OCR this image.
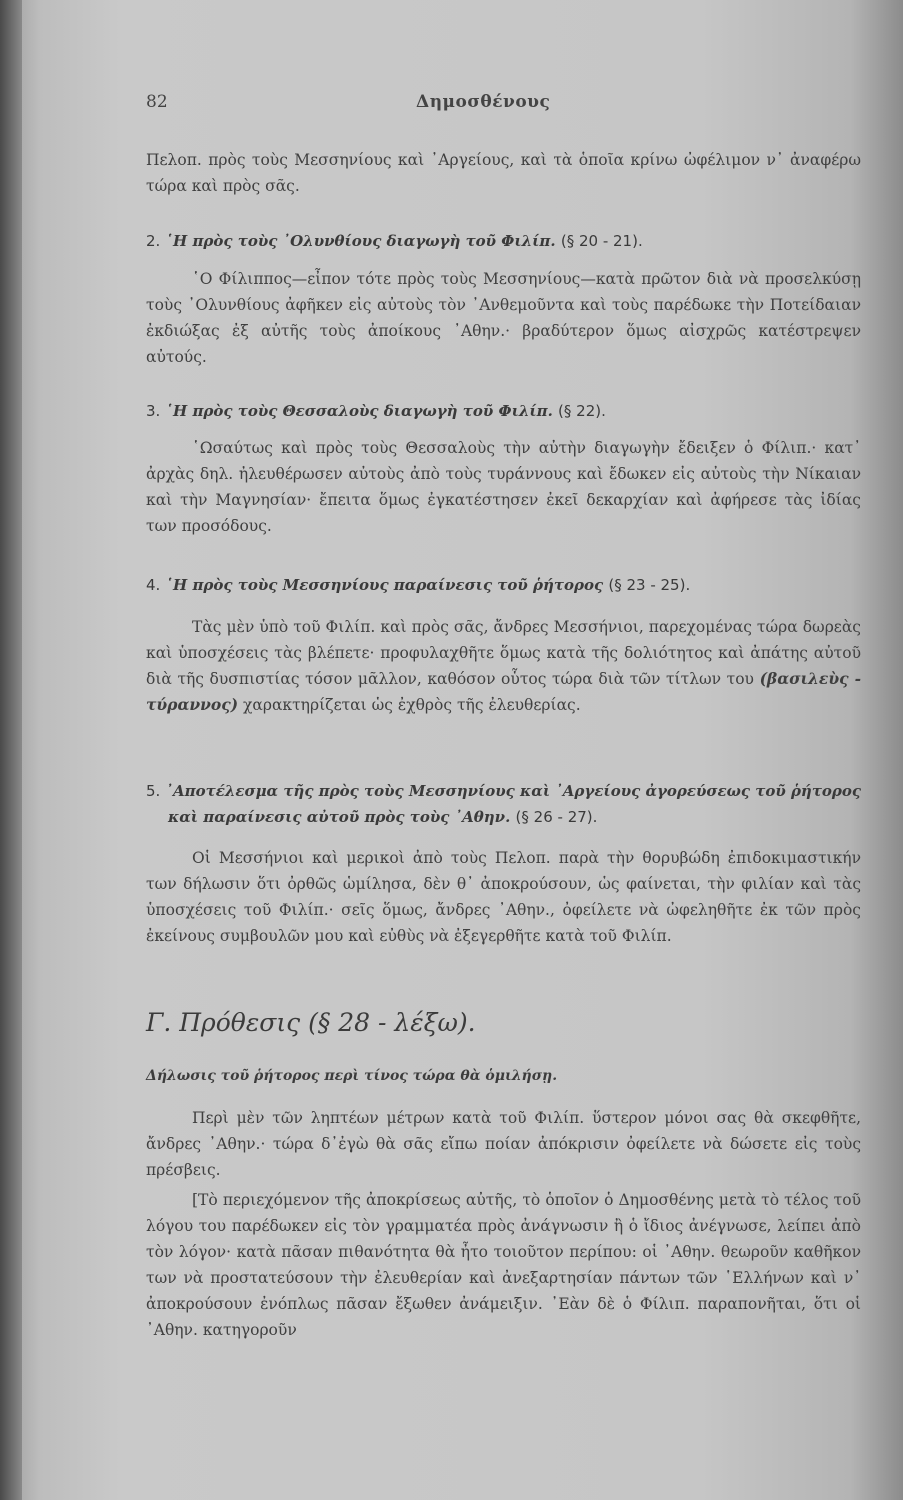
82	Δημοσθένους

Πελοπ. πρὸς τοὺς Μεσσηνίους καὶ ᾽Αργείους, καὶ τὰ ὁποῖα κρίνω ὠφέλιμον ν᾽ ἀναφέρω τώρα καὶ πρὸς σᾶς.

2. ῾Η πρὸς τοὺς ᾽Ολυνθίους διαγωγὴ τοῦ Φιλίπ. (§ 20 - 21).

῾Ο Φίλιππος—εἶπον τότε πρὸς τοὺς Μεσσηνίους—κατὰ πρῶτον διὰ νὰ προσελκύσῃ τοὺς ᾽Ολυνθίους ἀφῆκεν εἰς αὐτοὺς τὸν ᾽Ανθεμοῦντα καὶ τοὺς παρέδωκε τὴν Ποτείδαιαν ἐκδιώξας ἐξ αὐτῆς τοὺς ἀποίκους ᾽Αθην.· βραδύτερον ὅμως αἰσχρῶς κατέστρεψεν αὐτούς.

3. ῾Η πρὸς τοὺς Θεσσαλοὺς διαγωγὴ τοῦ Φιλίπ. (§ 22).

῾Ωσαύτως καὶ πρὸς τοὺς Θεσσαλοὺς τὴν αὐτὴν διαγωγὴν ἔδειξεν ὁ Φίλιπ.· κατ᾽ ἀρχὰς δηλ. ἠλευθέρωσεν αὐτοὺς ἀπὸ τοὺς τυράννους καὶ ἔδωκεν εἰς αὐτοὺς τὴν Νίκαιαν καὶ τὴν Μαγνησίαν· ἔπειτα ὅμως ἐγκατέστησεν ἐκεῖ δεκαρχίαν καὶ ἀφήρεσε τὰς ἰδίας των προσόδους.

4. ῾Η πρὸς τοὺς Μεσσηνίους παραίνεσις τοῦ ῥήτορος (§ 23 - 25).

Τὰς μὲν ὑπὸ τοῦ Φιλίπ. καὶ πρὸς σᾶς, ἄνδρες Μεσσήνιοι, παρεχομένας τώρα δωρεὰς καὶ ὑποσχέσεις τὰς βλέπετε· προφυλαχθῆτε ὅμως κατὰ τῆς δολιότητος καὶ ἀπάτης αὐτοῦ διὰ τῆς δυσπιστίας τόσον μᾶλλον, καθόσον οὗτος τώρα διὰ τῶν τίτλων του (βασιλεὺς - τύραννος) χαρακτηρίζεται ὡς ἐχθρὸς τῆς ἐλευθερίας.

5. ᾽Αποτέλεσμα τῆς πρὸς τοὺς Μεσσηνίους καὶ ᾽Αργείους ἀγορεύσεως τοῦ ῥήτορος καὶ παραίνεσις αὐτοῦ πρὸς τοὺς ᾽Αθην. (§ 26 - 27).

Οἱ Μεσσήνιοι καὶ μερικοὶ ἀπὸ τοὺς Πελοπ. παρὰ τὴν θορυβώδη ἐπιδοκιμαστικήν των δήλωσιν ὅτι ὀρθῶς ὡμίλησα, δὲν θ᾽ ἀποκρούσουν, ὡς φαίνεται, τὴν φιλίαν καὶ τὰς ὑποσχέσεις τοῦ Φιλίπ.· σεῖς ὅμως, ἄνδρες ᾽Αθην., ὀφείλετε νὰ ὠφεληθῆτε ἐκ τῶν πρὸς ἐκείνους συμβουλῶν μου καὶ εὐθὺς νὰ ἐξεγερθῆτε κατὰ τοῦ Φιλίπ.

Γ. Πρόθεσις (§ 28 - λέξω).

Δήλωσις τοῦ ῥήτορος περὶ τίνος τώρα θὰ ὁμιλήσῃ.

Περὶ μὲν τῶν ληπτέων μέτρων κατὰ τοῦ Φιλίπ. ὕστερον μόνοι σας θὰ σκεφθῆτε, ἄνδρες ᾽Αθην.· τώρα δ᾽ἐγὼ θὰ σᾶς εἴπω ποίαν ἀπόκρισιν ὀφείλετε νὰ δώσετε εἰς τοὺς πρέσβεις.

[Τὸ περιεχόμενον τῆς ἀποκρίσεως αὐτῆς, τὸ ὁποῖον ὁ Δημοσθένης μετὰ τὸ τέλος τοῦ λόγου του παρέδωκεν εἰς τὸν γραμματέα πρὸς ἀνάγνωσιν ἢ ὁ ἴδιος ἀνέγνωσε, λείπει ἀπὸ τὸν λόγον· κατὰ πᾶσαν πιθανότητα θὰ ἦτο τοιοῦτον περίπου: οἱ ᾽Αθην. θεωροῦν καθῆκον των νὰ προστατεύσουν τὴν ἐλευθερίαν καὶ ἀνεξαρτησίαν πάντων τῶν ῾Ελλήνων καὶ ν᾽ ἀποκρούσουν ἐνόπλως πᾶσαν ἔξωθεν ἀνάμειξιν. ᾽Εὰν δὲ ὁ Φίλιπ. παραπονῆται, ὅτι οἱ ᾽Αθην. κατηγοροῦν
